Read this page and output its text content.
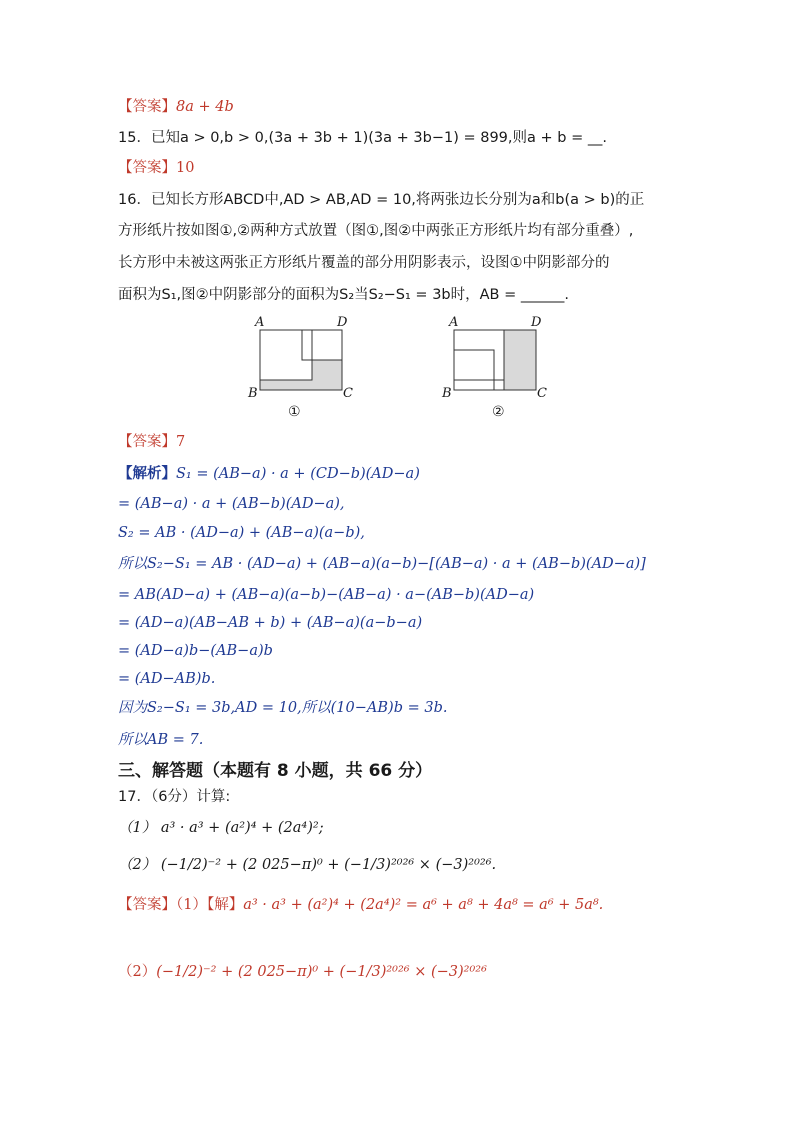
【答案】8a + 4b
15．已知a > 0,b > 0,(3a + 3b + 1)(3a + 3b−1) = 899,则a + b = __.
【答案】10
16．已知长方形ABCD中,AD > AB,AD = 10,将两张边长分别为a和b(a > b)的正
方形纸片按如图①,②两种方式放置（图①,图②中两张正方形纸片均有部分重叠）,
长方形中未被这两张正方形纸片覆盖的部分用阴影表示，设图①中阴影部分的
面积为S₁,图②中阴影部分的面积为S₂当S₂−S₁ = 3b时，AB = ______.
A	D
B	C
①
A	D
B	C
②
【答案】7
【解析】S₁ = (AB−a) · a + (CD−b)(AD−a)
= (AB−a) · a + (AB−b)(AD−a),
S₂ = AB · (AD−a) + (AB−a)(a−b),
所以S₂−S₁ = AB · (AD−a) + (AB−a)(a−b)−[(AB−a) · a + (AB−b)(AD−a)]
= AB(AD−a) + (AB−a)(a−b)−(AB−a) · a−(AB−b)(AD−a)
= (AD−a)(AB−AB + b) + (AB−a)(a−b−a)
= (AD−a)b−(AB−a)b
= (AD−AB)b.
因为S₂−S₁ = 3b,AD = 10,所以(10−AB)b = 3b.
所以AB = 7.
三、解答题（本题有 8 小题，共 66 分）
17．（6分）计算:
（1） a³ · a³ + (a²)⁴ + (2a⁴)²;
（2） (−1/2)⁻² + (2 025−π)⁰ + (−1/3)²⁰²⁶ × (−3)²⁰²⁶.
【答案】（1）【解】a³ · a³ + (a²)⁴ + (2a⁴)² = a⁶ + a⁸ + 4a⁸ = a⁶ + 5a⁸.
（2）(−1/2)⁻² + (2 025−π)⁰ + (−1/3)²⁰²⁶ × (−3)²⁰²⁶
